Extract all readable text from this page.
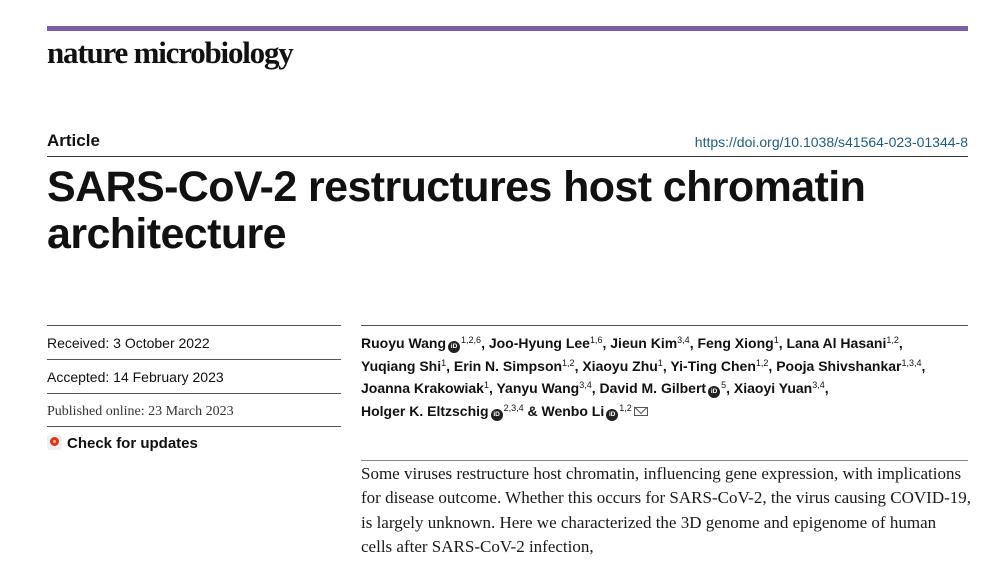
nature microbiology
Article	https://doi.org/10.1038/s41564-023-01344-8
SARS-CoV-2 restructures host chromatin architecture
Received: 3 October 2022
Accepted: 14 February 2023
Published online: 23 March 2023
Check for updates
Ruoyu Wang iD$^{1,2,6}$, Joo-Hyung Lee$^{1,6}$, Jieun Kim$^{3,4}$, Feng Xiong$^1$, Lana Al Hasani$^{1,2}$, Yuqiang Shi$^1$, Erin N. Simpson$^{1,2}$, Xiaoyu Zhu$^1$, Yi-Ting Chen$^{1,2}$, Pooja Shivshankar$^{1,3,4}$, Joanna Krakowiak$^1$, Yanyu Wang$^{3,4}$, David M. Gilbert $iD^5$, Xiaoyi Yuan$^{3,4}$, Holger K. Eltzschig iD$^{2,3,4}$ & Wenbo Li iD$^{1,2}$

Some viruses restructure host chromatin, influencing gene expression, with implications for disease outcome. Whether this occurs for SARS-CoV-2, the virus causing COVID-19, is largely unknown. Here we characterized the 3D genome and epigenome of human cells after SARS-CoV-2 infection,
